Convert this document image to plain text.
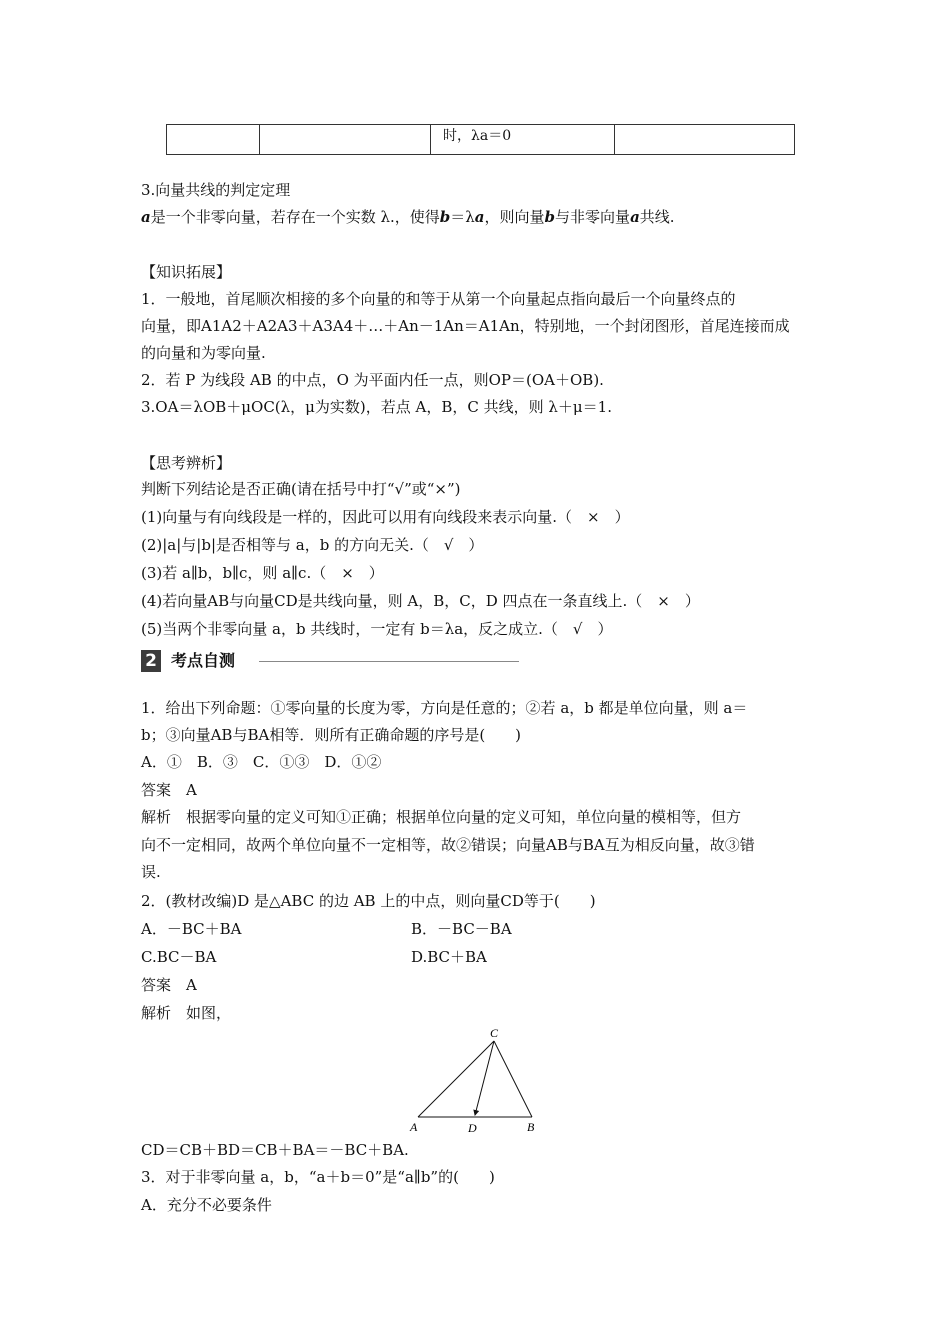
		时，λa＝0	
3.向量共线的判定定理
a是一个非零向量，若存在一个实数 λ.，使得b＝λa，则向量b与非零向量a共线.
【知识拓展】
1．一般地，首尾顺次相接的多个向量的和等于从第一个向量起点指向最后一个向量终点的
向量，即A1A2＋A2A3＋A3A4＋…＋An－1An＝A1An，特别地，一个封闭图形，首尾连接而成
的向量和为零向量.
2．若 P 为线段 AB 的中点，O 为平面内任一点，则OP＝(OA＋OB).
3.OA＝λOB＋μOC(λ，μ为实数)，若点 A，B，C 共线，则 λ＋μ＝1.
【思考辨析】
判断下列结论是否正确(请在括号中打“√”或“×”)
(1)向量与有向线段是一样的，因此可以用有向线段来表示向量.（　×　）
(2)|a|与|b|是否相等与 a，b 的方向无关.（　√　）
(3)若 a∥b，b∥c，则 a∥c.（　×　）
(4)若向量AB与向量CD是共线向量，则 A，B，C，D 四点在一条直线上.（　×　）
(5)当两个非零向量 a，b 共线时，一定有 b＝λa，反之成立.（　√　）
2 考点自测
1．给出下列命题：①零向量的长度为零，方向是任意的；②若 a，b 都是单位向量，则 a＝
b；③向量AB与BA相等．则所有正确命题的序号是(　　)
A．①　B．③　C．①③　D．①②
答案　A
解析　根据零向量的定义可知①正确；根据单位向量的定义可知，单位向量的模相等，但方
向不一定相同，故两个单位向量不一定相等，故②错误；向量AB与BA互为相反向量，故③错
误.
2．(教材改编)D 是△ABC 的边 AB 上的中点，则向量CD等于(　　)
A．－BC＋BA	B．－BC－BA
C.BC－BA	D.BC＋BA
答案　A
解析　如图，
A	D	B
C
CD＝CB＋BD＝CB＋BA＝－BC＋BA.
3．对于非零向量 a，b，“a＋b＝0”是“a∥b”的(　　)
A．充分不必要条件
